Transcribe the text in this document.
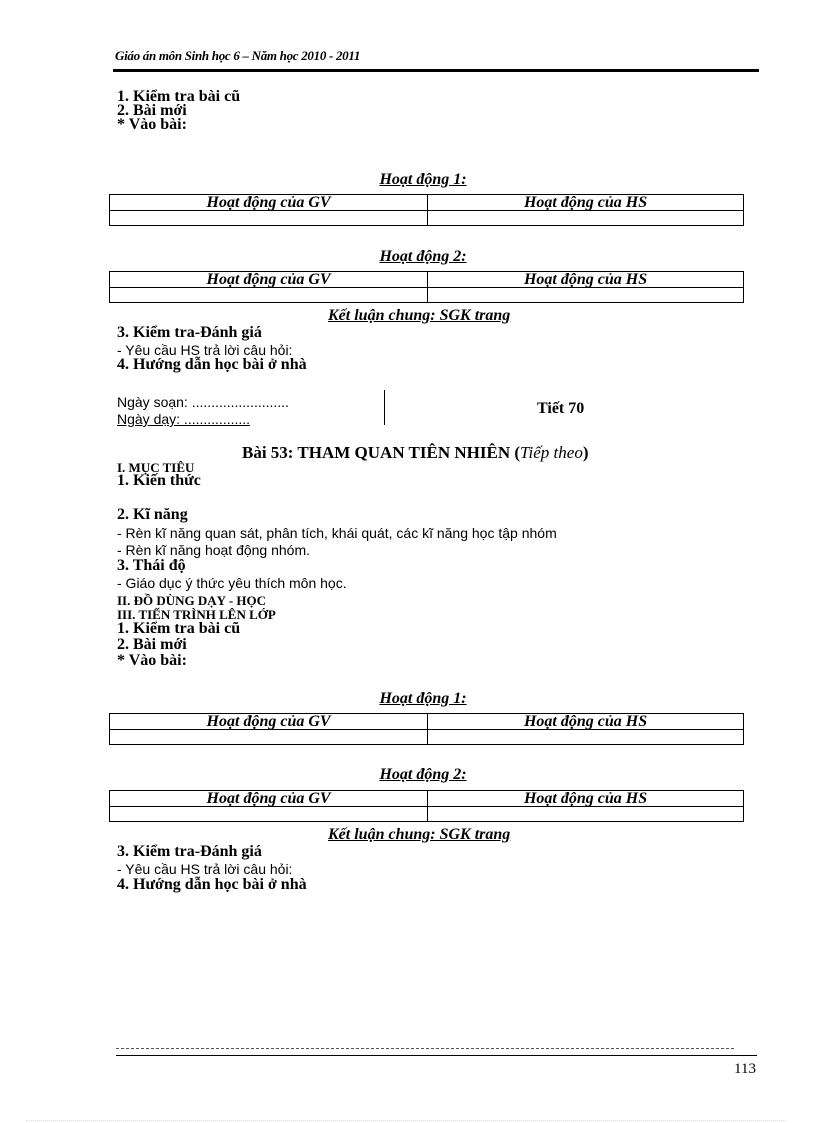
Giáo án môn Sinh học 6 – Năm học 2010 - 2011
1. Kiểm tra bài cũ
2. Bài mới
* Vào bài:
Hoạt động 1:
Hoạt động của GV	Hoạt động của HS

Hoạt động 2:
Hoạt động của GV	Hoạt động của HS

Kết luận chung: SGK trang
3. Kiểm tra-Đánh giá
- Yêu cầu HS trả lời câu hỏi:
4. Hướng dẫn học bài ở nhà
Ngày soạn: .........................
Ngày dạy: .................
Tiết 70
Bài 53: THAM QUAN TIÊN NHIÊN (Tiếp theo)
I. MỤC TIÊU
1. Kiến thức
2. Kĩ năng
- Rèn kĩ năng quan sát, phân tích, khái quát, các kĩ năng học tập nhóm
- Rèn kĩ năng hoạt động nhóm.
3. Thái độ
- Giáo dục ý thức yêu thích môn học.
II. ĐỒ DÙNG DẠY - HỌC
III. TIẾN TRÌNH LÊN LỚP
1. Kiểm tra bài cũ
2. Bài mới
* Vào bài:
Hoạt động 1:
Hoạt động của GV	Hoạt động của HS

Hoạt động 2:
Hoạt động của GV	Hoạt động của HS

Kết luận chung: SGK trang
3. Kiểm tra-Đánh giá
- Yêu cầu HS trả lời câu hỏi:
4. Hướng dẫn học bài ở nhà
113
